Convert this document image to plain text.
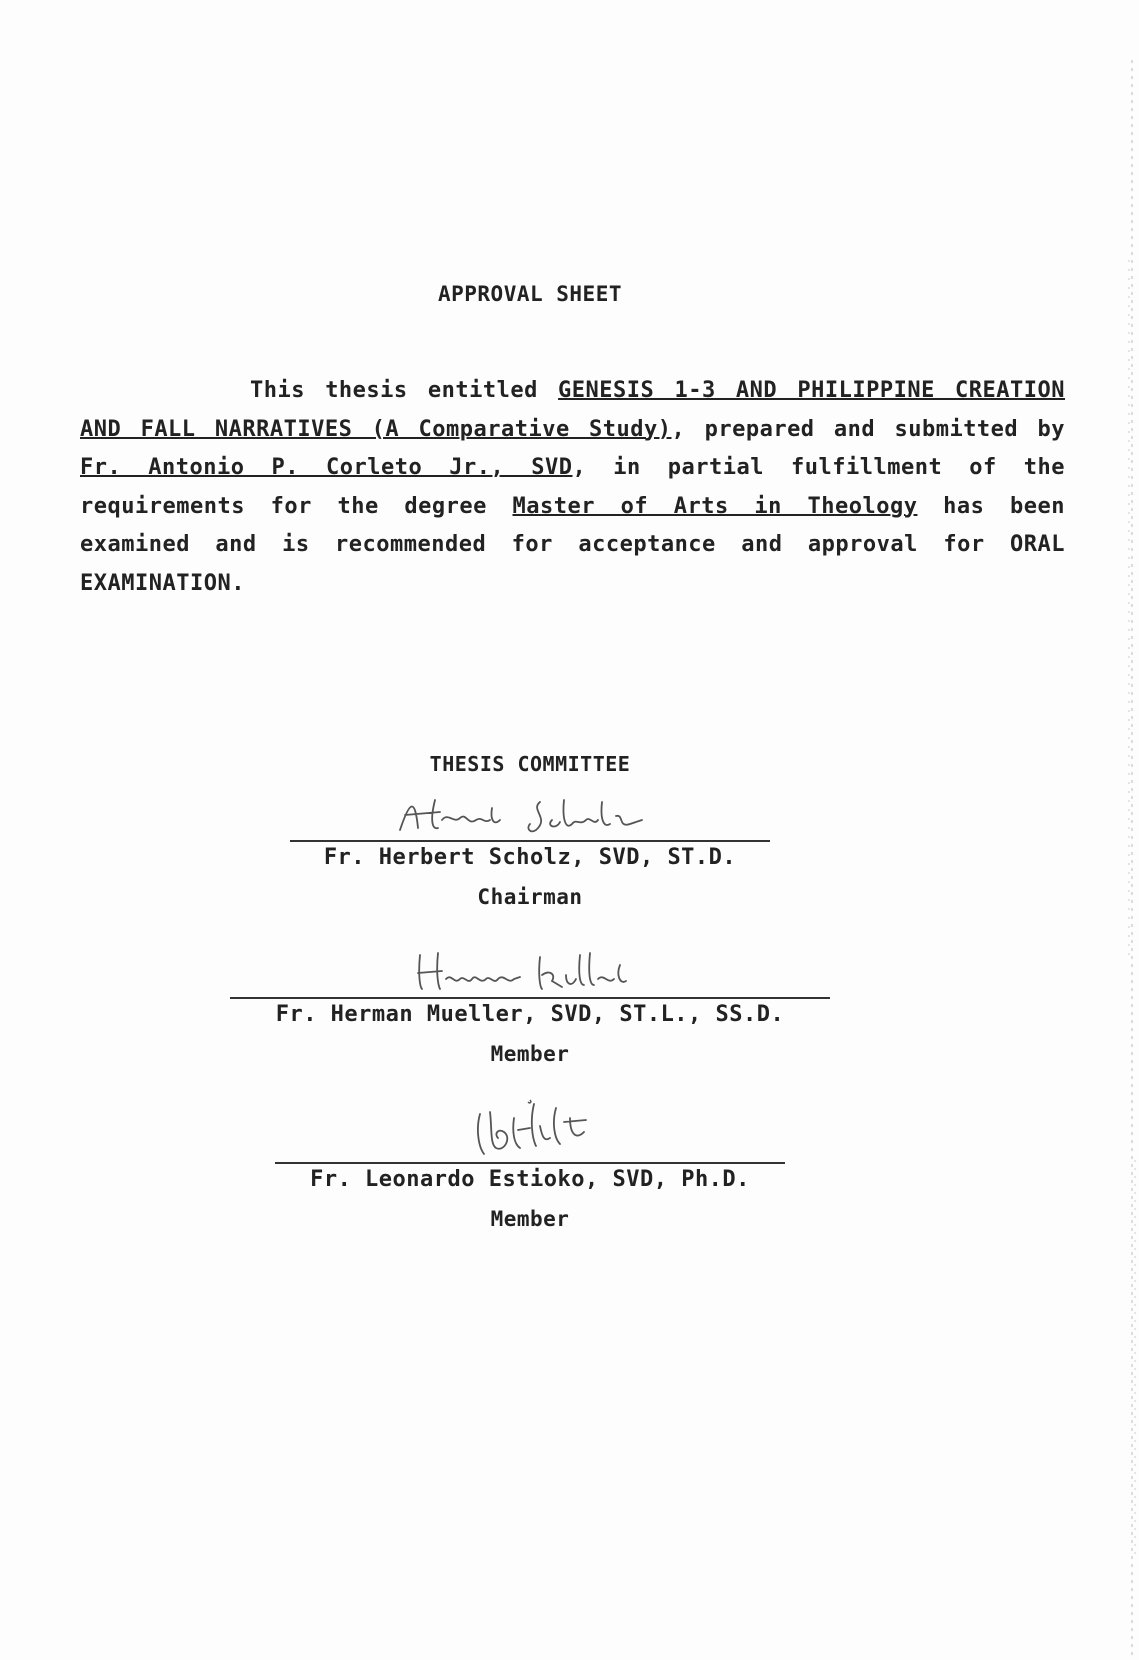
APPROVAL SHEET
This thesis entitled GENESIS 1-3 AND PHILIPPINE CREATION AND FALL NARRATIVES (A Comparative Study), prepared and submitted by Fr. Antonio P. Corleto Jr., SVD, in partial fulfillment of the requirements for the degree Master of Arts in Theology has been examined and is recommended for acceptance and approval for ORAL EXAMINATION.
THESIS COMMITTEE
Fr. Herbert Scholz, SVD, ST.D.
Chairman
Fr. Herman Mueller, SVD, ST.L., SS.D.
Member
Fr. Leonardo Estioko, SVD, Ph.D.
Member
